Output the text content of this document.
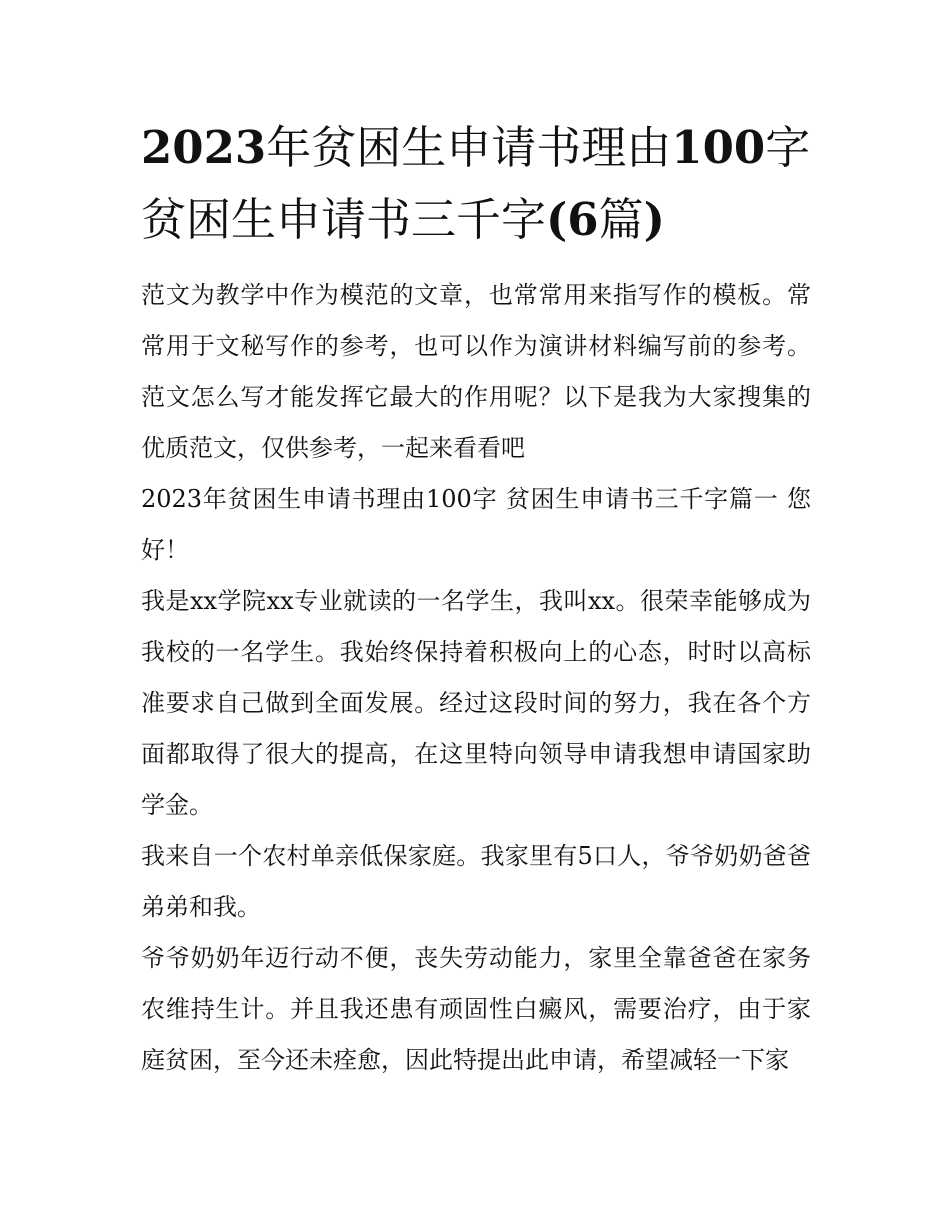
2023年贫困生申请书理由100字 贫困生申请书三千字(6篇)

范文为教学中作为模范的文章，也常常用来指写作的模板。常常用于文秘写作的参考，也可以作为演讲材料编写前的参考。范文怎么写才能发挥它最大的作用呢？以下是我为大家搜集的优质范文，仅供参考，一起来看看吧

2023年贫困生申请书理由100字 贫困生申请书三千字篇一 您好！

我是xx学院xx专业就读的一名学生，我叫xx。很荣幸能够成为我校的一名学生。我始终保持着积极向上的心态，时时以高标准要求自己做到全面发展。经过这段时间的努力，我在各个方面都取得了很大的提高，在这里特向领导申请我想申请国家助学金。

我来自一个农村单亲低保家庭。我家里有5口人，爷爷奶奶爸爸弟弟和我。

爷爷奶奶年迈行动不便，丧失劳动能力，家里全靠爸爸在家务农维持生计。并且我还患有顽固性白癜风，需要治疗，由于家庭贫困，至今还未痊愈，因此特提出此申请，希望减轻一下家
